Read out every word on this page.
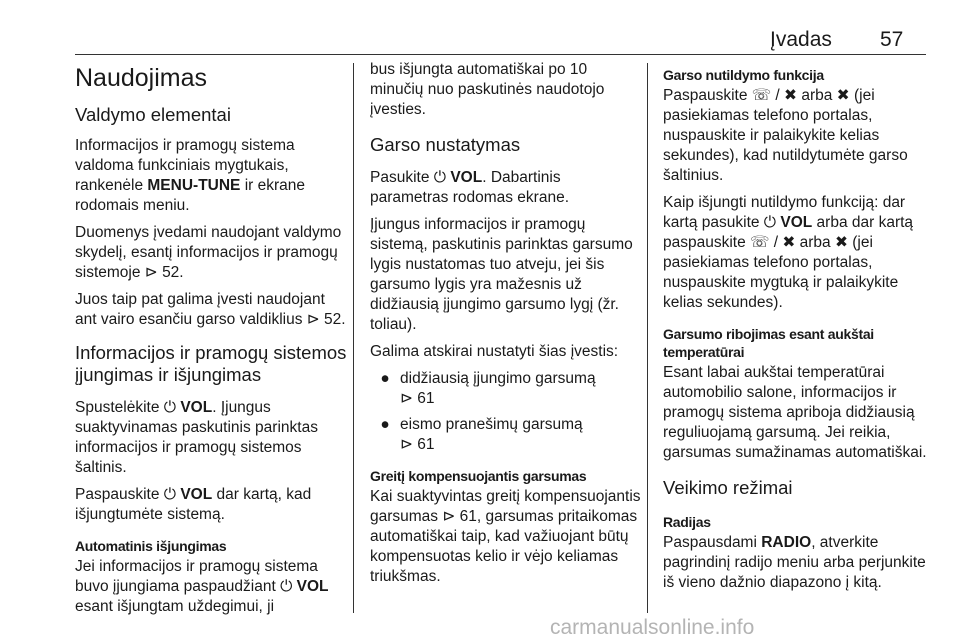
Įvadas 57
Naudojimas
Valdymo elementai

Informacijos ir pramogų sistema valdoma funkciniais mygtukais, rankenėle MENU-TUNE ir ekrane rodomais meniu.

Duomenys įvedami naudojant valdymo skydelį, esantį informacijos ir pramogų sistemoje ⊳ 52.

Juos taip pat galima įvesti naudojant ant vairo esančiu garso valdiklius ⊳ 52.

Informacijos ir pramogų sistemos įjungimas ir išjungimas

Spustelėkite ⏻ VOL. Įjungus suaktyvinamas paskutinis parinktas informacijos ir pramogų sistemos šaltinis.

Paspauskite ⏻ VOL dar kartą, kad išjungtumėte sistemą.

Automatinis išjungimas

Jei informacijos ir pramogų sistema buvo įjungiama paspaudžiant ⏻ VOL esant išjungtam uždegimui, ji

bus išjungta automatiškai po 10 minučių nuo paskutinės naudotojo įvesties.

Garso nustatymas

Pasukite ⏻ VOL. Dabartinis parametras rodomas ekrane.

Įjungus informacijos ir pramogų sistemą, paskutinis parinktas garsumo lygis nustatomas tuo atveju, jei šis garsumo lygis yra mažesnis už didžiausią įjungimo garsumo lygį (žr. toliau).

Galima atskirai nustatyti šias įvestis:

● didžiausią įjungimo garsumą
⊳ 61
● eismo pranešimų garsumą
⊳ 61
Greitį kompensuojantis garsumas

Kai suaktyvintas greitį kompensuojantis garsumas ⊳ 61, garsumas pritaikomas automatiškai taip, kad važiuojant būtų kompensuotas kelio ir vėjo keliamas triukšmas.

Garso nutildymo funkcija

Paspauskite ☏ / ✖ arba ✖ (jei pasiekiamas telefono portalas, nuspauskite ir palaikykite kelias sekundes), kad nutildytumėte garso šaltinius.

Kaip išjungti nutildymo funkciją: dar kartą pasukite ⏻ VOL arba dar kartą paspauskite ☏ / ✖ arba ✖ (jei pasiekiamas telefono portalas, nuspauskite mygtuką ir palaikykite kelias sekundes).

Garsumo ribojimas esant aukštai temperatūrai

Esant labai aukštai temperatūrai automobilio salone, informacijos ir pramogų sistema apriboja didžiausią reguliuojamą garsumą. Jei reikia, garsumas sumažinamas automatiškai.

Veikimo režimai
Radijas

Paspausdami RADIO, atverkite pagrindinį radijo meniu arba perjunkite iš vieno dažnio diapazono į kitą.

carmanualsonline.info
